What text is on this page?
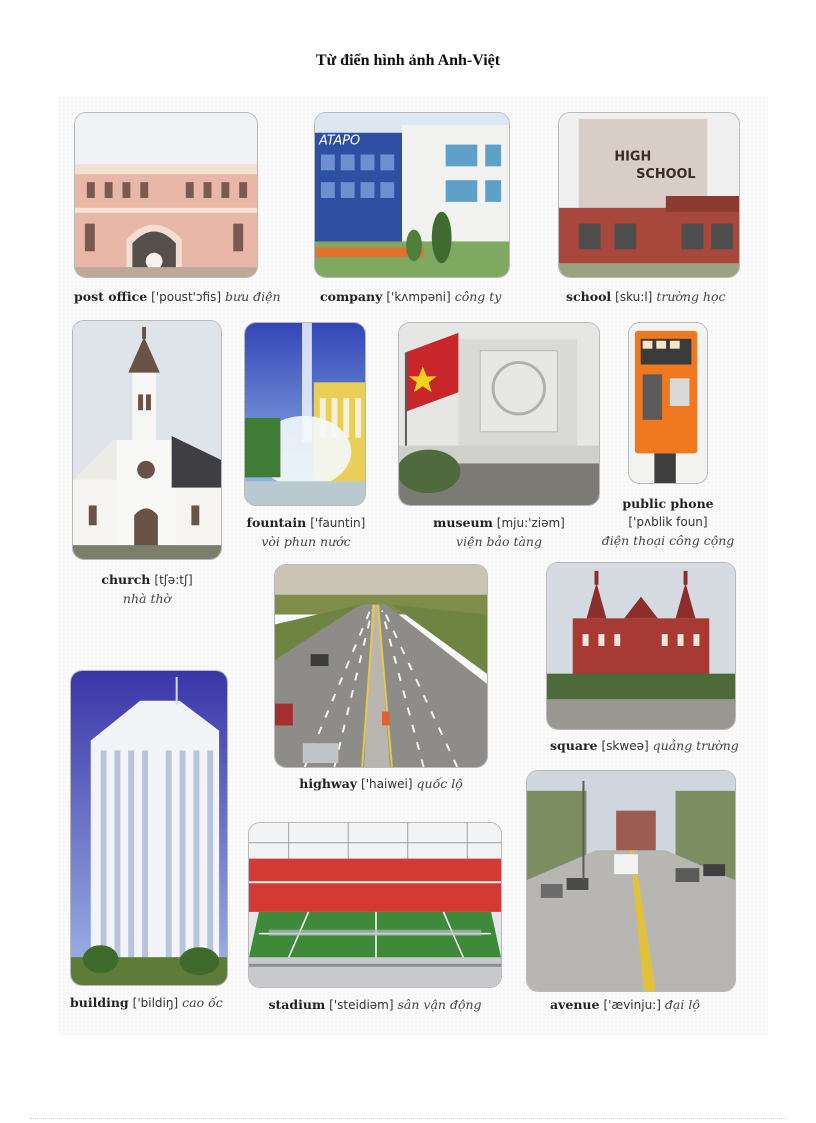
Từ điển hình ảnh Anh-Việt
post office ['poust'ɔfis] bưu điện
ATAPO
company ['kʌmpəni] công ty
HIGH
SCHOOL
school [sku:l] trường học
church [tʃə:tʃ]
nhà thờ
fountain ['fauntin]
vòi phun nước
museum [mju:'ziəm]
viện bảo tàng
public phone
['pʌblik foun]
điện thoại công cộng
highway ['haiwei] quốc lộ
square [skweə] quảng trường
building ['bildiŋ] cao ốc	stadium ['steidiəm] sân vận động	avenue ['ævinju:] đại lộ
